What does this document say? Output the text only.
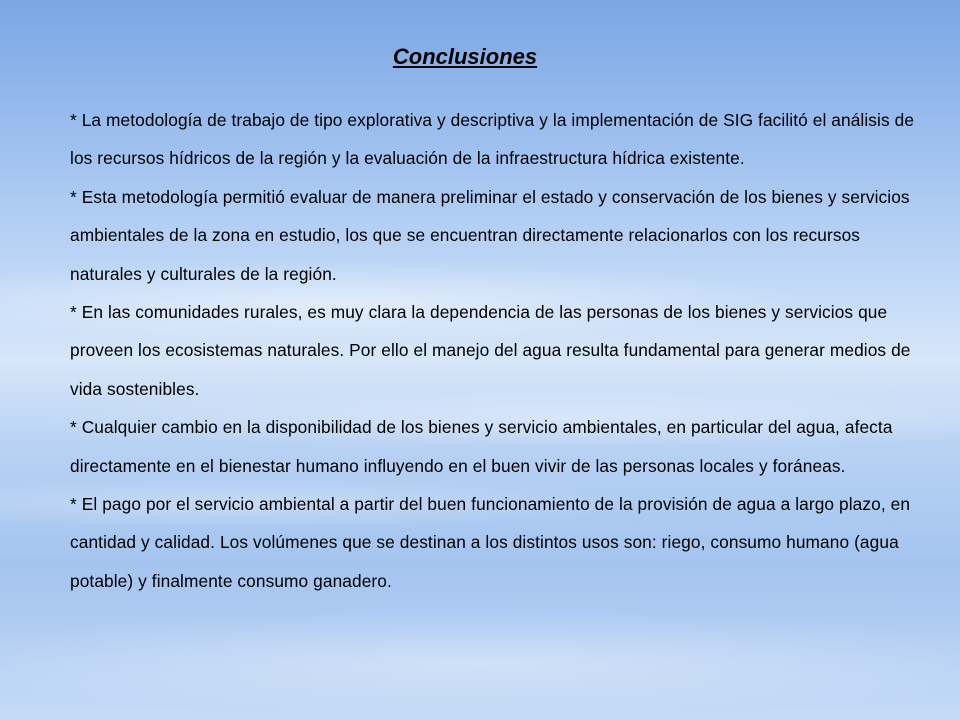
Conclusiones

* La metodología de trabajo de tipo explorativa y descriptiva y la implementación de SIG facilitó el análisis de los recursos hídricos de la región y la evaluación de la infraestructura hídrica existente.

* Esta metodología permitió evaluar de manera preliminar el estado y conservación de los bienes y servicios ambientales de la zona en estudio, los que se encuentran directamente relacionarlos con los recursos naturales y culturales de la región.

* En las comunidades rurales, es muy clara la dependencia de las personas de los bienes y servicios que proveen los ecosistemas naturales. Por ello el manejo del agua resulta fundamental para generar medios de vida sostenibles.

* Cualquier cambio en la disponibilidad de los bienes y servicio ambientales, en particular del agua, afecta directamente en el bienestar humano influyendo en el buen vivir de las personas locales y foráneas.

* El pago por el servicio ambiental a partir del buen funcionamiento de la provisión de agua a largo plazo, en cantidad y calidad. Los volúmenes que se destinan a los distintos usos son: riego, consumo humano (agua potable) y finalmente consumo ganadero.
